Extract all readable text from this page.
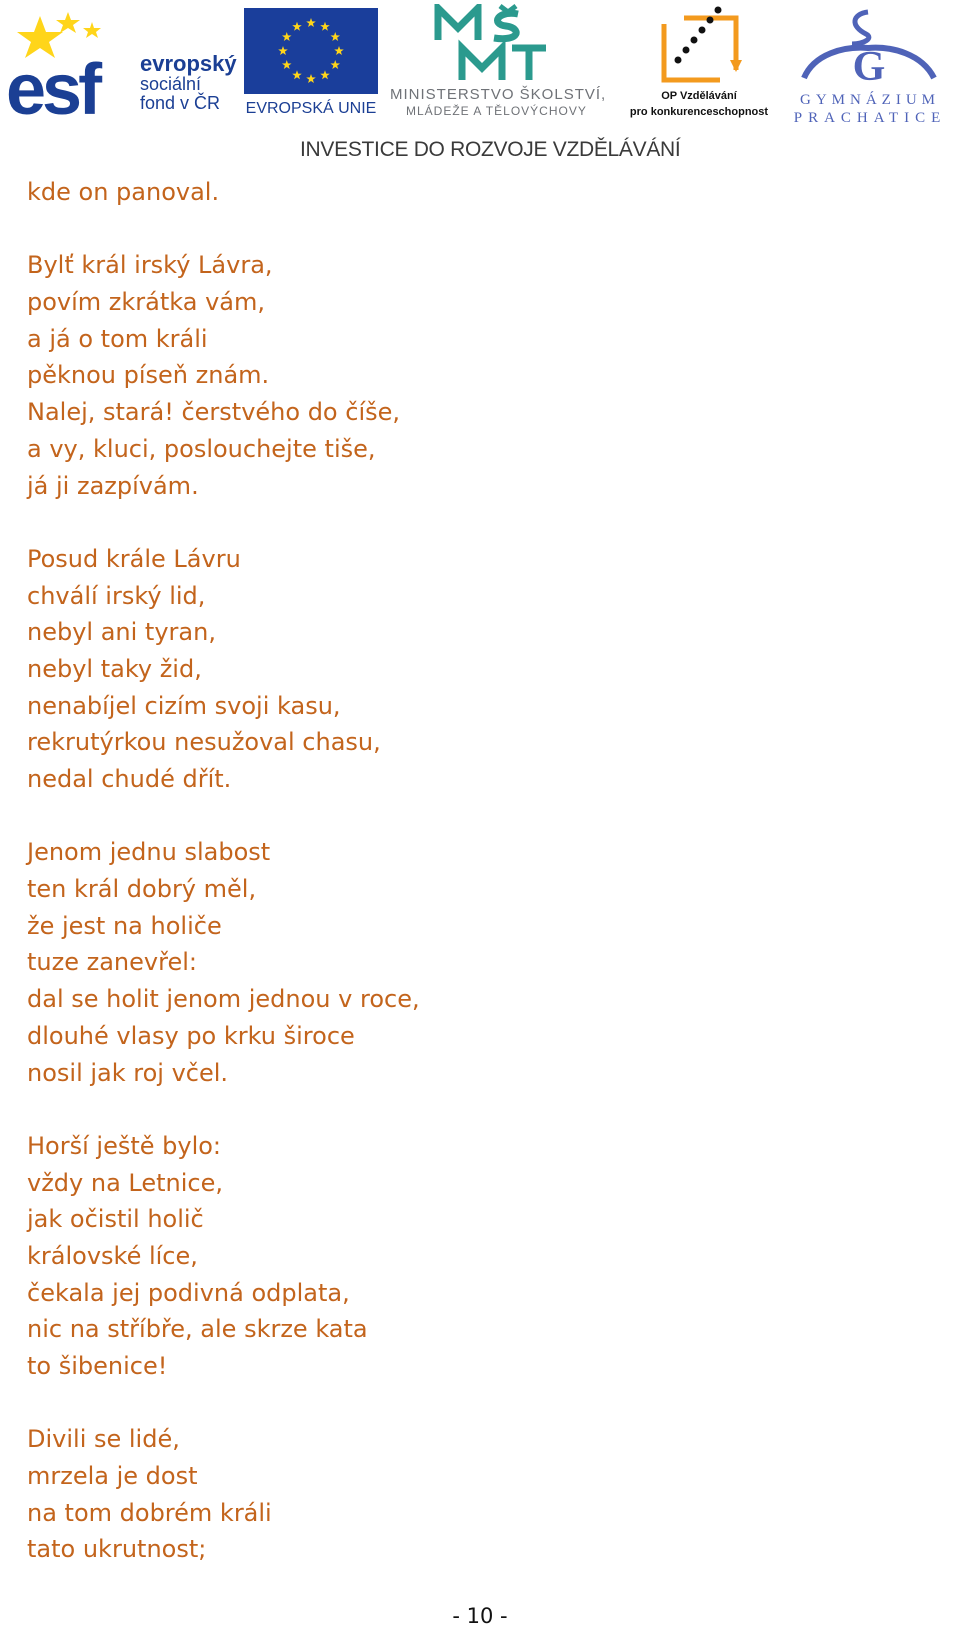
esf evropský
sociální
fond v ČR	EVROPSKÁ UNIE
MINISTERSTVO ŠKOLSTVÍ,
MLÁDEŽE A TĚLOVÝCHOVY
OP Vzdělávání
pro konkurenceschopnost
G
GYMNÁZIUM
PRACHATICE
INVESTICE DO ROZVOJE VZDĚLÁVÁNÍ
kde on panoval.
Bylť král irský Lávra,
povím zkrátka vám,
a já o tom králi
pěknou píseň znám.
Nalej, stará! čerstvého do číše,
a vy, kluci, poslouchejte tiše,
já ji zazpívám.
Posud krále Lávru
chválí irský lid,
nebyl ani tyran,
nebyl taky žid,
nenabíjel cizím svoji kasu,
rekrutýrkou nesužoval chasu,
nedal chudé dřít.
Jenom jednu slabost
ten král dobrý měl,
že jest na holiče
tuze zanevřel:
dal se holit jenom jednou v roce,
dlouhé vlasy po krku široce
nosil jak roj včel.
Horší ještě bylo:
vždy na Letnice,
jak očistil holič
královské líce,
čekala jej podivná odplata,
nic na stříbře, ale skrze kata
to šibenice!
Divili se lidé,
mrzela je dost
na tom dobrém králi
tato ukrutnost;
- 10 -
